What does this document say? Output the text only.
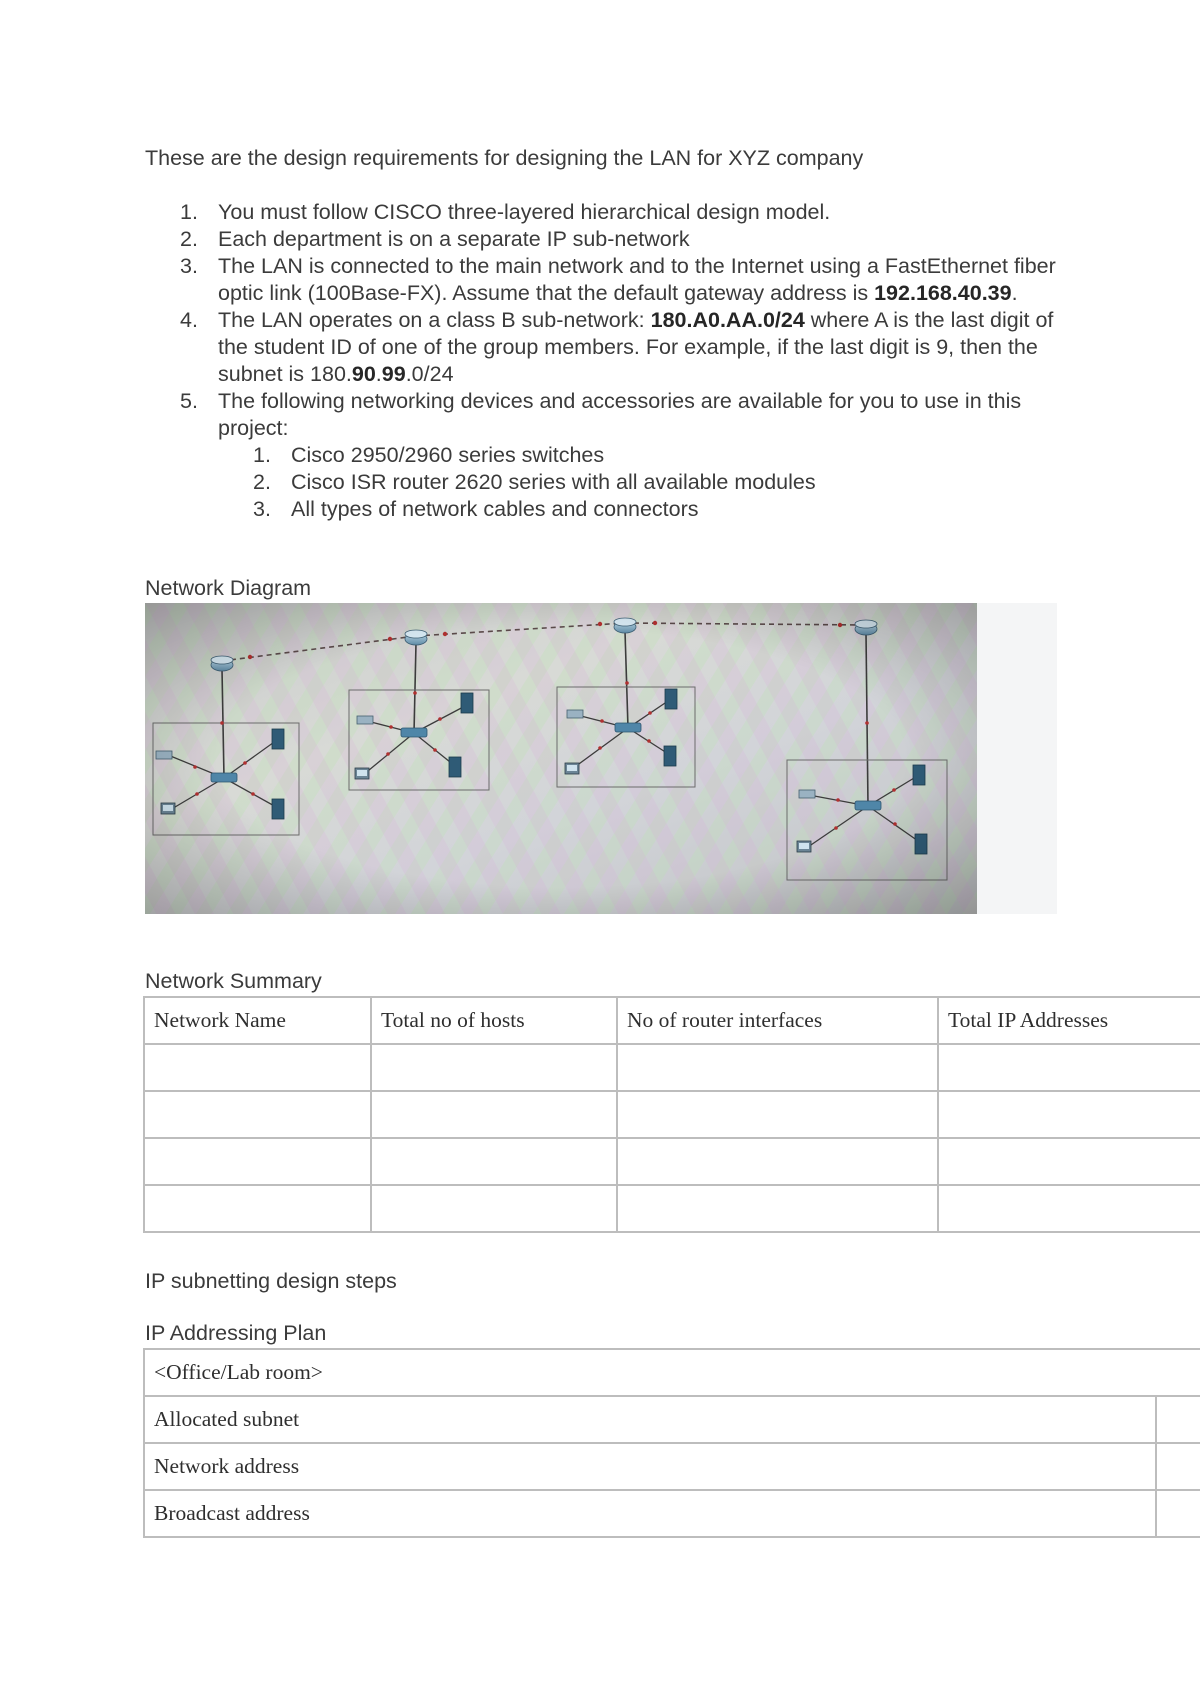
These are the design requirements for designing the LAN for XYZ company
1. You must follow CISCO three-layered hierarchical design model.
2. Each department is on a separate IP sub-network
3. The LAN is connected to the main network and to the Internet using a FastEthernet fiber optic link (100Base-FX). Assume that the default gateway address is 192.168.40.39.
4. The LAN operates on a class B sub-network: 180.A0.AA.0/24 where A is the last digit of the student ID of one of the group members. For example, if the last digit is 9, then the subnet is 180.90.99.0/24
5. The following networking devices and accessories are available for you to use in this project:
1. Cisco 2950/2960 series switches
2. Cisco ISR router 2620 series with all available modules
3. All types of network cables and connectors
Network Diagram
Network Summary
Network Name	Total no of hosts	No of router interfaces	Total IP Addresses

IP subnetting design steps
IP Addressing Plan
<Office/Lab room>	
Allocated subnet	
Network address	
Broadcast address	
